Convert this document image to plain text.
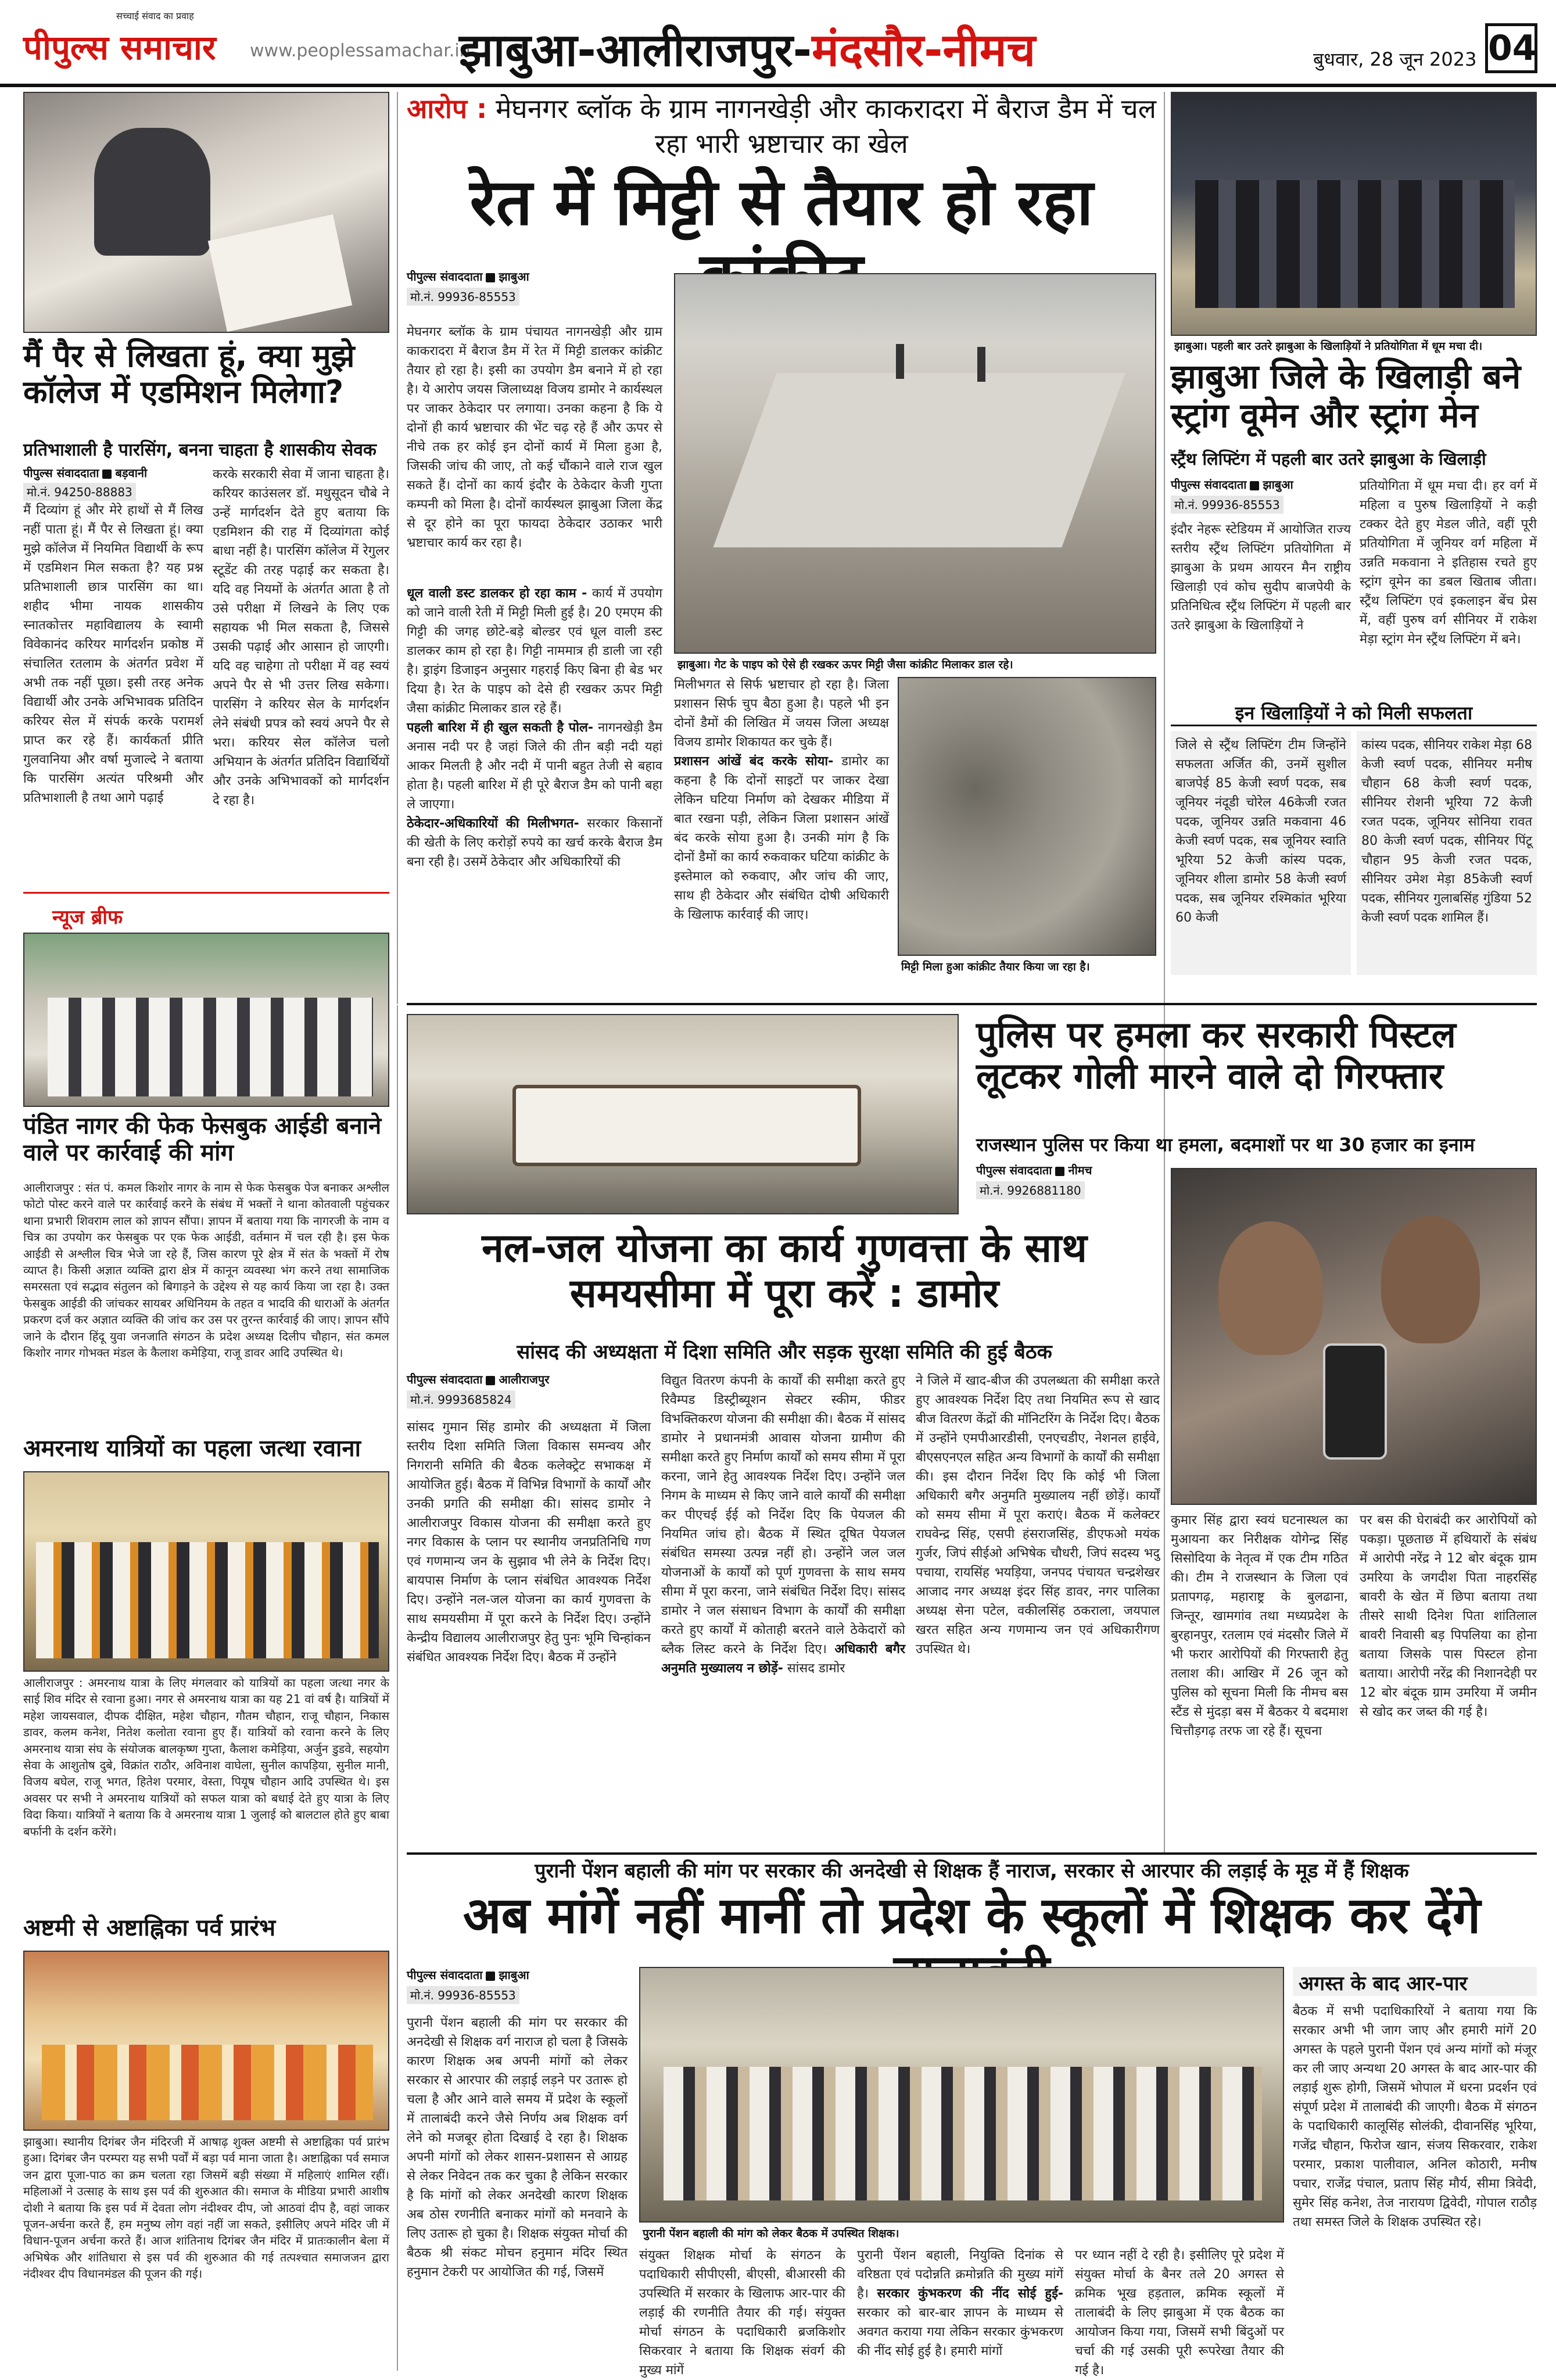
पीपुल्स समाचार
सच्चाई संवाद का प्रवाह
www.peoplessamachar.in
झाबुआ-आलीराजपुर-मंदसौर-नीमच	बुधवार, 28 जून 2023 04
मैं पैर से लिखता हूं, क्या मुझे कॉलेज में एडमिशन मिलेगा?
प्रतिभाशाली है पारसिंग, बनना चाहता है शासकीय सेवक
पीपुल्स संवाददाता बड़वानी
मो.नं. 94250-88883
मैं दिव्यांग हूं और मेरे हाथों से मैं लिख नहीं पाता हूं। मैं पैर से लिखता हूं। क्या मुझे कॉलेज में नियमित विद्यार्थी के रूप में एडमिशन मिल सकता है? यह प्रश्न प्रतिभाशाली छात्र पारसिंग का था। शहीद भीमा नायक शासकीय स्नातकोत्तर महाविद्यालय के स्वामी विवेकानंद करियर मार्गदर्शन प्रकोष्ठ में संचालित रतलाम के अंतर्गत प्रवेश में अभी तक नहीं पूछा। इसी तरह अनेक विद्यार्थी और उनके अभिभावक प्रतिदिन करियर सेल में संपर्क करके परामर्श प्राप्त कर रहे हैं। कार्यकर्ता प्रीति गुलवानिया और वर्षा मुजाल्दे ने बताया कि पारसिंग अत्यंत परिश्रमी और प्रतिभाशाली है तथा आगे पढ़ाई
करके सरकारी सेवा में जाना चाहता है। करियर काउंसलर डॉ. मधुसूदन चौबे ने उन्हें मार्गदर्शन देते हुए बताया कि एडमिशन की राह में दिव्यांगता कोई बाधा नहीं है। पारसिंग कॉलेज में रेगुलर स्टूडेंट की तरह पढ़ाई कर सकता है। यदि वह नियमों के अंतर्गत आता है तो उसे परीक्षा में लिखने के लिए एक सहायक भी मिल सकता है, जिससे उसकी पढ़ाई और आसान हो जाएगी। यदि वह चाहेगा तो परीक्षा में वह स्वयं अपने पैर से भी उत्तर लिख सकेगा। पारसिंग ने करियर सेल के मार्गदर्शन लेने संबंधी प्रपत्र को स्वयं अपने पैर से भरा। करियर सेल कॉलेज चलो अभियान के अंतर्गत प्रतिदिन विद्यार्थियों और उनके अभिभावकों को मार्गदर्शन दे रहा है।
आरोप : मेघनगर ब्लॉक के ग्राम नागनखेड़ी और काकरादरा में बैराज डैम में चल रहा भारी भ्रष्टाचार का खेल
रेत में मिट्टी से तैयार हो रहा
पीपुल्स संवाददाता झाबुआ
मो.नं. 99936-85553
मेघनगर ब्लॉक के ग्राम पंचायत नागनखेड़ी और ग्राम काकरादरा में बैराज डैम में रेत में मिट्टी डालकर कांक्रीट तैयार हो रहा है। इसी का उपयोग डैम बनाने में हो रहा है। ये आरोप जयस जिलाध्यक्ष विजय डामोर ने कार्यस्थल पर जाकर ठेकेदार पर लगाया। उनका कहना है कि ये दोनों ही कार्य भ्रष्टाचार की भेंट चढ़ रहे हैं और ऊपर से नीचे तक हर कोई इन दोनों कार्य में मिला हुआ है, जिसकी जांच की जाए, तो कई चौंकाने वाले राज खुल सकते हैं। दोनों का कार्य इंदौर के ठेकेदार केजी गुप्ता कम्पनी को मिला है। दोनों कार्यस्थल झाबुआ जिला केंद्र से दूर होने का पूरा फायदा ठेकेदार उठाकर भारी भ्रष्टाचार कार्य कर रहा है।

धूल वाली डस्ट डालकर हो रहा काम - कार्य में उपयोग को जाने वाली रेती में मिट्टी मिली हुई है। 20 एमएम की गिट्टी की जगह छोटे-बड़े बोल्डर एवं धूल वाली डस्ट डालकर काम हो रहा है। गिट्टी नाममात्र ही डाली जा रही है। ड्राइंग डिजाइन अनुसार गहराई किए बिना ही बेड भर दिया है। रेत के पाइप को देसे ही रखकर ऊपर मिट्टी जैसा कांक्रीट मिलाकर डाल रहे हैं।

पहली बारिश में ही खुल सकती है पोल- नागनखेड़ी डैम अनास नदी पर है जहां जिले की तीन बड़ी नदी यहां आकर मिलती है और नदी में पानी बहुत तेजी से बहाव होता है। पहली बारिश में ही पूरे बैराज डैम को पानी बहा ले जाएगा।

ठेकेदार-अधिकारियों की मिलीभगत- सरकार किसानों की खेती के लिए करोड़ों रुपये का खर्च करके बैराज डैम बना रही है। उसमें ठेकेदार और अधिकारियों की

झाबुआ। गेट के पाइप को ऐसे ही रखकर ऊपर मिट्टी जैसा कांक्रीट मिलाकर डाल रहे।

मिलीभगत से सिर्फ भ्रष्टाचार हो रहा है। जिला प्रशासन सिर्फ चुप बैठा हुआ है। पहले भी इन दोनों डैमों की लिखित में जयस जिला अध्यक्ष विजय डामोर शिकायत कर चुके हैं।

प्रशासन आंखें बंद करके सोया- डामोर का कहना है कि दोनों साइटों पर जाकर देखा लेकिन घटिया निर्माण को देखकर मीडिया में बात रखना पड़ी, लेकिन जिला प्रशासन आंखें बंद करके सोया हुआ है। उनकी मांग है कि दोनों डैमों का कार्य रुकवाकर घटिया कांक्रीट के इस्तेमाल को रुकवाए, और जांच की जाए, साथ ही ठेकेदार और संबंधित दोषी अधिकारी के खिलाफ कार्रवाई की जाए।

मिट्टी मिला हुआ कांक्रीट तैयार किया जा रहा है।
झाबुआ। पहली बार उतरे झाबुआ के खिलाड़ियों ने प्रतियोगिता में धूम मचा दी।
झाबुआ जिले के खिलाड़ी बने स्ट्रांग वूमेन और स्ट्रांग मेन
स्ट्रैंथ लिफ्टिंग में पहली बार उतरे झाबुआ के खिलाड़ी
पीपुल्स संवाददाता झाबुआ
मो.नं. 99936-85553
इंदौर नेहरू स्टेडियम में आयोजित राज्य स्तरीय स्ट्रैंथ लिफ्टिंग प्रतियोगिता में झाबुआ के प्रथम आयरन मैन राष्ट्रीय खिलाड़ी एवं कोच सुदीप बाजपेयी के प्रतिनिधित्व स्ट्रैंथ लिफ्टिंग में पहली बार उतरे झाबुआ के खिलाड़ियों ने
प्रतियोगिता में धूम मचा दी। हर वर्ग में महिला व पुरुष खिलाड़ियों ने कड़ी टक्कर देते हुए मेडल जीते, वहीं पूरी प्रतियोगिता में जूनियर वर्ग महिला में उन्नति मकवाना ने इतिहास रचते हुए स्ट्रांग वूमेन का डबल खिताब जीता। स्ट्रैंथ लिफ्टिंग एवं इकलाइन बेंच प्रेस में, वहीं पुरुष वर्ग सीनियर में राकेश मेड़ा स्ट्रांग मेन स्ट्रैंथ लिफ्टिंग में बने।
इन खिलाड़ियों ने को मिली सफलता
जिले से स्ट्रैंथ लिफ्टिंग टीम जिन्होंने सफलता अर्जित की, उनमें सुशील बाजपेई 85 केजी स्वर्ण पदक, सब जूनियर नंदूडी चोरेल 46केजी रजत पदक, जूनियर उन्नति मकवाना 46 केजी स्वर्ण पदक, सब जूनियर स्वाति भूरिया 52 केजी कांस्य पदक, जूनियर शीला डामोर 58 केजी स्वर्ण पदक, सब जूनियर रश्मिकांत भूरिया 60 केजी
कांस्य पदक, सीनियर राकेश मेड़ा 68 केजी स्वर्ण पदक, सीनियर मनीष चौहान 68 केजी स्वर्ण पदक, सीनियर रोशनी भूरिया 72 केजी रजत पदक, जूनियर सोनिया रावत 80 केजी स्वर्ण पदक, सीनियर पिंटू चौहान 95 केजी रजत पदक, सीनियर उमेश मेड़ा 85केजी स्वर्ण पदक, सीनियर गुलाबसिंह गुंडिया 52 केजी स्वर्ण पदक शामिल हैं।
न्यूज ब्रीफ
पंडित नागर की फेक फेसबुक आईडी बनाने वाले पर कार्रवाई की मांग
आलीराजपुर : संत पं. कमल किशोर नागर के नाम से फेक फेसबुक पेज बनाकर अश्लील फोटो पोस्ट करने वाले पर कार्रवाई करने के संबंध में भक्तों ने थाना कोतवाली पहुंचकर थाना प्रभारी शिवराम लाल को ज्ञापन सौंपा। ज्ञापन में बताया गया कि नागरजी के नाम व चित्र का उपयोग कर फेसबुक पर एक फेक आईडी, वर्तमान में चल रही है। इस फेक आईडी से अश्लील चित्र भेजे जा रहे हैं, जिस कारण पूरे क्षेत्र में संत के भक्तों में रोष व्याप्त है। किसी अज्ञात व्यक्ति द्वारा क्षेत्र में कानून व्यवस्था भंग करने तथा सामाजिक समरसता एवं सद्भाव संतुलन को बिगाड़ने के उद्देश्य से यह कार्य किया जा रहा है। उक्त फेसबुक आईडी की जांचकर सायबर अधिनियम के तहत व भादवि की धाराओं के अंतर्गत प्रकरण दर्ज कर अज्ञात व्यक्ति की जांच कर उस पर तुरन्त कार्रवाई की जाए। ज्ञापन सौंपे जाने के दौरान हिंदू युवा जनजाति संगठन के प्रदेश अध्यक्ष दिलीप चौहान, संत कमल किशोर नागर गोभक्त मंडल के कैलाश कमेड़िया, राजू डावर आदि उपस्थित थे।
अमरनाथ यात्रियों का पहला जत्था रवाना
आलीराजपुर : अमरनाथ यात्रा के लिए मंगलवार को यात्रियों का पहला जत्था नगर के साई शिव मंदिर से रवाना हुआ। नगर से अमरनाथ यात्रा का यह 21 वां वर्ष है। यात्रियों में महेश जायसवाल, दीपक दीक्षित, महेश चौहान, गौतम चौहान, राजू चौहान, निकास डावर, कलम कनेश, नितेश कलोता रवाना हुए हैं। यात्रियों को रवाना करने के लिए अमरनाथ यात्रा संघ के संयोजक बालकृष्ण गुप्ता, कैलाश कमेड़िया, अर्जुन डुडवे, सहयोग सेवा के आशुतोष दुबे, विक्रांत राठौर, अविनाश वाघेला, सुनील कापड़िया, सुनील मानी, विजय बघेल, राजू भगत, हितेश परमार, वेस्ता, पियूष चौहान आदि उपस्थित थे। इस अवसर पर सभी ने अमरनाथ यात्रियों को सफल यात्रा को बधाई देते हुए यात्रा के लिए विदा किया। यात्रियों ने बताया कि वे अमरनाथ यात्रा 1 जुलाई को बालटाल होते हुए बाबा बर्फानी के दर्शन करेंगे।
अष्टमी से अष्टाह्निका पर्व प्रारंभ
झाबुआ। स्थानीय दिगंबर जैन मंदिरजी में आषाढ़ शुक्ल अष्टमी से अष्टाह्निका पर्व प्रारंभ हुआ। दिगंबर जैन परम्परा यह सभी पर्वों में बड़ा पर्व माना जाता है। अष्टाह्निका पर्व समाज जन द्वारा पूजा-पाठ का क्रम चलता रहा जिसमें बड़ी संख्या में महिलाएं शामिल रहीं। महिलाओं ने उत्साह के साथ इस पर्व की शुरुआत की। समाज के मीडिया प्रभारी आशीष दोशी ने बताया कि इस पर्व में देवता लोग नंदीश्वर दीप, जो आठवां दीप है, वहां जाकर पूजन-अर्चना करते हैं, हम मनुष्य लोग वहां नहीं जा सकते, इसीलिए अपने मंदिर जी में विधान-पूजन अर्चना करते हैं। आज शांतिनाथ दिगंबर जैन मंदिर में प्रातःकालीन बेला में अभिषेक और शांतिधारा से इस पर्व की शुरुआत की गई तत्पश्चात समाजजन द्वारा नंदीश्वर दीप विधानमंडल की पूजन की गई।
नल-जल योजना का कार्य गुणवत्ता के साथ समयसीमा में पूरा करें : डामोर
सांसद की अध्यक्षता में दिशा समिति और सड़क सुरक्षा समिति की हुई बैठक
पीपुल्स संवाददाता आलीराजपुर
मो.नं. 9993685824
सांसद गुमान सिंह डामोर की अध्यक्षता में जिला स्तरीय दिशा समिति जिला विकास समन्वय और निगरानी समिति की बैठक कलेक्ट्रेट सभाकक्ष में आयोजित हुई। बैठक में विभिन्न विभागों के कार्यों और उनकी प्रगति की समीक्षा की। सांसद डामोर ने आलीराजपुर विकास योजना की समीक्षा करते हुए नगर विकास के प्लान पर स्थानीय जनप्रतिनिधि गण एवं गणमान्य जन के सुझाव भी लेने के निर्देश दिए। बायपास निर्माण के प्लान संबंधित आवश्यक निर्देश दिए। उन्होंने नल-जल योजना का कार्य गुणवत्ता के साथ समयसीमा में पूरा करने के निर्देश दिए। उन्होंने केन्द्रीय विद्यालय आलीराजपुर हेतु पुनः भूमि चिन्हांकन संबंधित आवश्यक निर्देश दिए। बैठक में उन्होंने
विद्युत वितरण कंपनी के कार्यों की समीक्षा करते हुए रिवैम्पड डिस्ट्रीब्यूशन सेक्टर स्कीम, फीडर विभक्तिकरण योजना की समीक्षा की। बैठक में सांसद डामोर ने प्रधानमंत्री आवास योजना ग्रामीण की समीक्षा करते हुए निर्माण कार्यों को समय सीमा में पूरा करना, जाने हेतु आवश्यक निर्देश दिए। उन्होंने जल निगम के माध्यम से किए जाने वाले कार्यों की समीक्षा कर पीएचई ईई को निर्देश दिए कि पेयजल की नियमित जांच हो। बैठक में स्थित दूषित पेयजल संबंधित समस्या उत्पन्न नहीं हो। उन्होंने जल जल योजनाओं के कार्यों को पूर्ण गुणवत्ता के साथ समय सीमा में पूरा करना, जाने संबंधित निर्देश दिए। सांसद डामोर ने जल संसाधन विभाग के कार्यों की समीक्षा करते हुए कार्यों में कोताही बरतने वाले ठेकेदारों को ब्लैक लिस्ट करने के निर्देश दिए। अधिकारी बगैर अनुमति मुख्यालय न छोड़ें- सांसद डामोर
ने जिले में खाद-बीज की उपलब्धता की समीक्षा करते हुए आवश्यक निर्देश दिए तथा नियमित रूप से खाद बीज वितरण केंद्रों की मॉनिटरिंग के निर्देश दिए। बैठक में उन्होंने एमपीआरडीसी, एनएचडीए, नेशनल हाईवे, बीएसएनएल सहित अन्य विभागों के कार्यों की समीक्षा की। इस दौरान निर्देश दिए कि कोई भी जिला अधिकारी बगैर अनुमति मुख्यालय नहीं छोड़ें। कार्यों को समय सीमा में पूरा कराएं। बैठक में कलेक्टर राघवेन्द्र सिंह, एसपी हंसराजसिंह, डीएफओ मयंक गुर्जर, जिपं सीईओ अभिषेक चौधरी, जिपं सदस्य भदु पचाया, रायसिंह भयड़िया, जनपद पंचायत चन्द्रशेखर आजाद नगर अध्यक्ष इंदर सिंह डावर, नगर पालिका अध्यक्ष सेना पटेल, वकीलसिंह ठकराला, जयपाल खरत सहित अन्य गणमान्य जन एवं अधिकारीगण उपस्थित थे।
पुलिस पर हमला कर सरकारी पिस्टल लूटकर गोली मारने वाले दो गिरफ्तार
राजस्थान पुलिस पर किया था हमला, बदमाशों पर था 30 हजार का इनाम
पीपुल्स संवाददाता नीमच
मो.नं. 9926881180
कुमार सिंह द्वारा स्वयं घटनास्थल का मुआयना कर निरीक्षक योगेन्द्र सिंह सिसोदिया के नेतृत्व में एक टीम गठित की। टीम ने राजस्थान के जिला एवं प्रतापगढ़, महाराष्ट्र के बुलढाना, जिन्तूर, खामगांव तथा मध्यप्रदेश के बुरहानपुर, रतलाम एवं मंदसौर जिले में भी फरार आरोपियों की गिरफ्तारी हेतु तलाश की। आखिर में 26 जून को पुलिस को सूचना मिली कि नीमच बस स्टैंड से मुंदड़ा बस में बैठकर ये बदमाश चित्तौड़गढ़ तरफ जा रहे हैं। सूचना
पर बस की घेराबंदी कर आरोपियों को पकड़ा। पूछताछ में हथियारों के संबंध में आरोपी नरेंद्र ने 12 बोर बंदूक ग्राम उमरिया के जगदीश पिता नाहरसिंह बावरी के खेत में छिपा बताया तथा तीसरे साथी दिनेश पिता शांतिलाल बावरी निवासी बड़ पिपलिया का होना बताया जिसके पास पिस्टल होना बताया। आरोपी नरेंद्र की निशानदेही पर 12 बोर बंदूक ग्राम उमरिया में जमीन से खोद कर जब्त की गई है।
पुरानी पेंशन बहाली की मांग पर सरकार की अनदेखी से शिक्षक हैं नाराज, सरकार से आरपार की लड़ाई के मूड में हैं शिक्षक
अब मांगें नहीं मानीं तो प्रदेश के स्कूलों में शिक्षक कर देंगे
पीपुल्स संवाददाता झाबुआ
मो.नं. 99936-85553
पुरानी पेंशन बहाली की मांग पर सरकार की अनदेखी से शिक्षक वर्ग नाराज हो चला है जिसके कारण शिक्षक अब अपनी मांगों को लेकर सरकार से आरपार की लड़ाई लड़ने पर उतारू हो चला है और आने वाले समय में प्रदेश के स्कूलों में तालाबंदी करने जैसे निर्णय अब शिक्षक वर्ग लेने को मजबूर होता दिखाई दे रहा है। शिक्षक अपनी मांगों को लेकर शासन-प्रशासन से आग्रह से लेकर निवेदन तक कर चुका है लेकिन सरकार है कि मांगों को लेकर अनदेखी कारण शिक्षक अब ठोस रणनीति बनाकर मांगों को मनवाने के लिए उतारू हो चुका है। शिक्षक संयुक्त मोर्चा की बैठक श्री संकट मोचन हनुमान मंदिर स्थित हनुमान टेकरी पर आयोजित की गई, जिसमें
पुरानी पेंशन बहाली की मांग को लेकर बैठक में उपस्थित शिक्षक।
संयुक्त शिक्षक मोर्चा के संगठन के पदाधिकारी सीपीएसी, बीएसी, बीआरसी की उपस्थिति में सरकार के खिलाफ आर-पार की लड़ाई की रणनीति तैयार की गई। संयुक्त मोर्चा संगठन के पदाधिकारी ब्रजकिशोर सिकरवार ने बताया कि शिक्षक संवर्ग की मुख्य मांगें
पुरानी पेंशन बहाली, नियुक्ति दिनांक से वरिष्ठता एवं पदोन्नति क्रमोन्नति की मुख्य मांगें है। सरकार कुंभकरण की नींद सोई हुई- सरकार को बार-बार ज्ञापन के माध्यम से अवगत कराया गया लेकिन सरकार कुंभकरण की नींद सोई हुई है। हमारी मांगों
पर ध्यान नहीं दे रही है। इसीलिए पूरे प्रदेश में संयुक्त मोर्चा के बैनर तले 20 अगस्त से क्रमिक भूख हड़ताल, क्रमिक स्कूलों में तालाबंदी के लिए झाबुआ में एक बैठक का आयोजन किया गया, जिसमें सभी बिंदुओं पर चर्चा की गई उसकी पूरी रूपरेखा तैयार की गई है।
अगस्त के बाद आर-पार
बैठक में सभी पदाधिकारियों ने बताया गया कि सरकार अभी भी जाग जाए और हमारी मांगें 20 अगस्त के पहले पुरानी पेंशन एवं अन्य मांगों को मंजूर कर ली जाए अन्यथा 20 अगस्त के बाद आर-पार की लड़ाई शुरू होगी, जिसमें भोपाल में धरना प्रदर्शन एवं संपूर्ण प्रदेश में तालाबंदी की जाएगी। बैठक में संगठन के पदाधिकारी कालूसिंह सोलंकी, दीवानसिंह भूरिया, गजेंद्र चौहान, फिरोज खान, संजय सिकरवार, राकेश परमार, प्रकाश पालीवाल, अनिल कोठारी, मनीष पचार, राजेंद्र पंचाल, प्रताप सिंह मौर्य, सीमा त्रिवेदी, सुमेर सिंह कनेश, तेज नारायण द्विवेदी, गोपाल राठौड़ तथा समस्त जिले के शिक्षक उपस्थित रहे।
